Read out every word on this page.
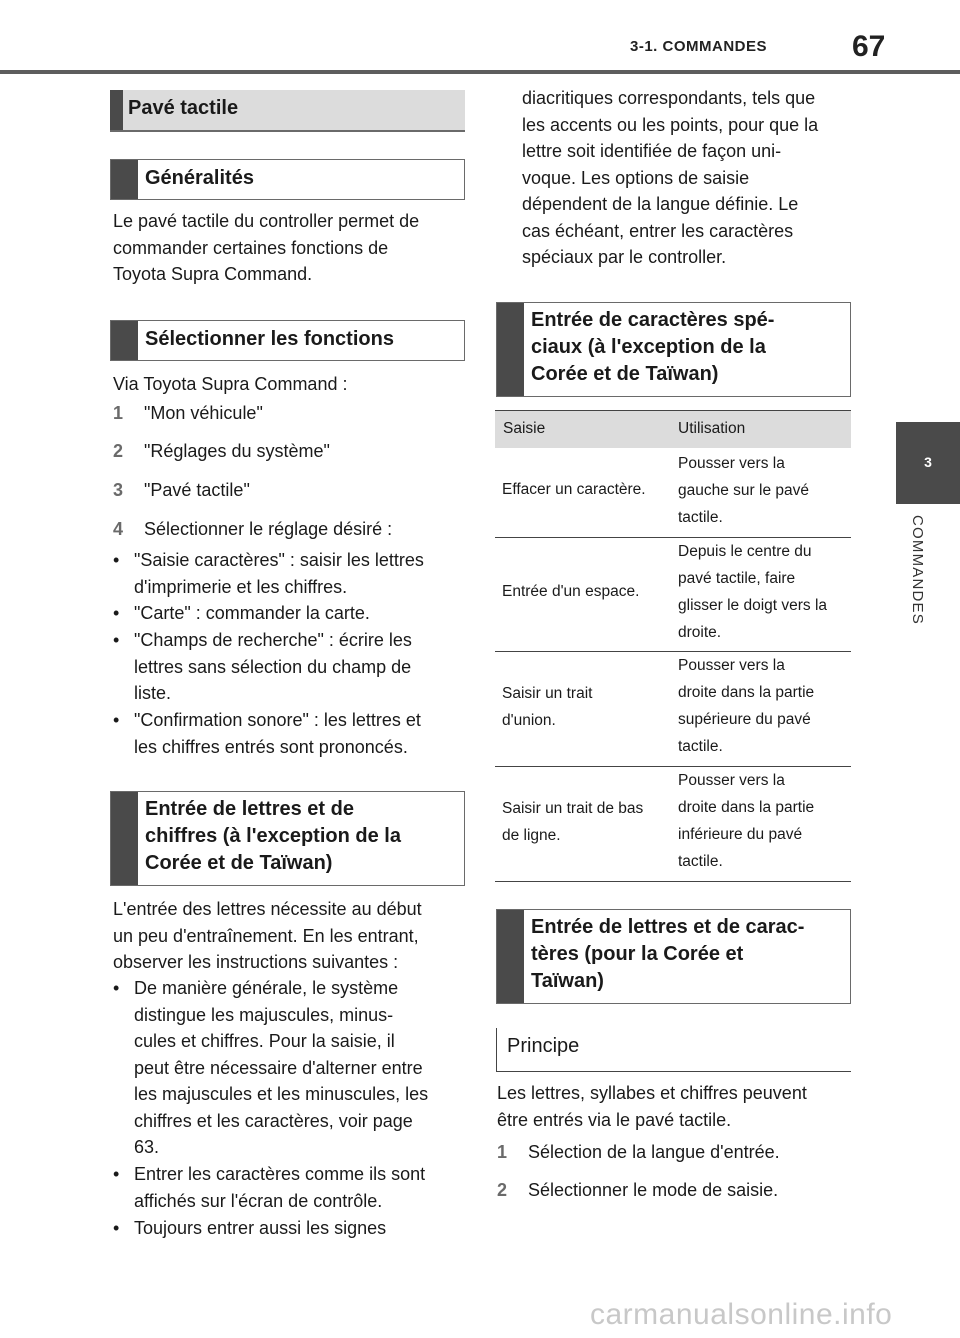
3-1. COMMANDES	67
3
COMMANDES
Pavé tactile
Généralités
Le pavé tactile du controller permet de
commander certaines fonctions de
Toyota Supra Command.
Sélectionner les fonctions
Via Toyota Supra Command :
1 "Mon véhicule"
2 "Réglages du système"
3 "Pavé tactile"
4 Sélectionner le réglage désiré :
• "Saisie caractères" : saisir les lettres
d'imprimerie et les chiffres.
• "Carte" : commander la carte.
• "Champs de recherche" : écrire les
lettres sans sélection du champ de
liste.
• "Confirmation sonore" : les lettres et
les chiffres entrés sont prononcés.
Entrée de lettres et de
chiffres (à l'exception de la
Corée et de Taïwan)
L'entrée des lettres nécessite au début
un peu d'entraînement. En les entrant,
observer les instructions suivantes :
• De manière générale, le système
distingue les majuscules, minus-
cules et chiffres. Pour la saisie, il
peut être nécessaire d'alterner entre
les majuscules et les minuscules, les
chiffres et les caractères, voir page
63.
• Entrer les caractères comme ils sont
affichés sur l'écran de contrôle.
• Toujours entrer aussi les signes
diacritiques correspondants, tels que
les accents ou les points, pour que la
lettre soit identifiée de façon uni-
voque. Les options de saisie
dépendent de la langue définie. Le
cas échéant, entrer les caractères
spéciaux par le controller.
Entrée de caractères spé-
ciaux (à l'exception de la
Corée et de Taïwan)
Saisie	Utilisation
Effacer un caractère.
Pousser vers la
gauche sur le pavé
tactile.
Entrée d'un espace.
Depuis le centre du
pavé tactile, faire
glisser le doigt vers la
droite.
Saisir un trait
d'union.
Pousser vers la
droite dans la partie
supérieure du pavé
tactile.
Saisir un trait de bas
de ligne.
Pousser vers la
droite dans la partie
inférieure du pavé
tactile.
Entrée de lettres et de carac-
tères (pour la Corée et
Taïwan)
Principe
Les lettres, syllabes et chiffres peuvent
être entrés via le pavé tactile.
1 Sélection de la langue d'entrée.
2 Sélectionner le mode de saisie.
carmanualsonline.info
